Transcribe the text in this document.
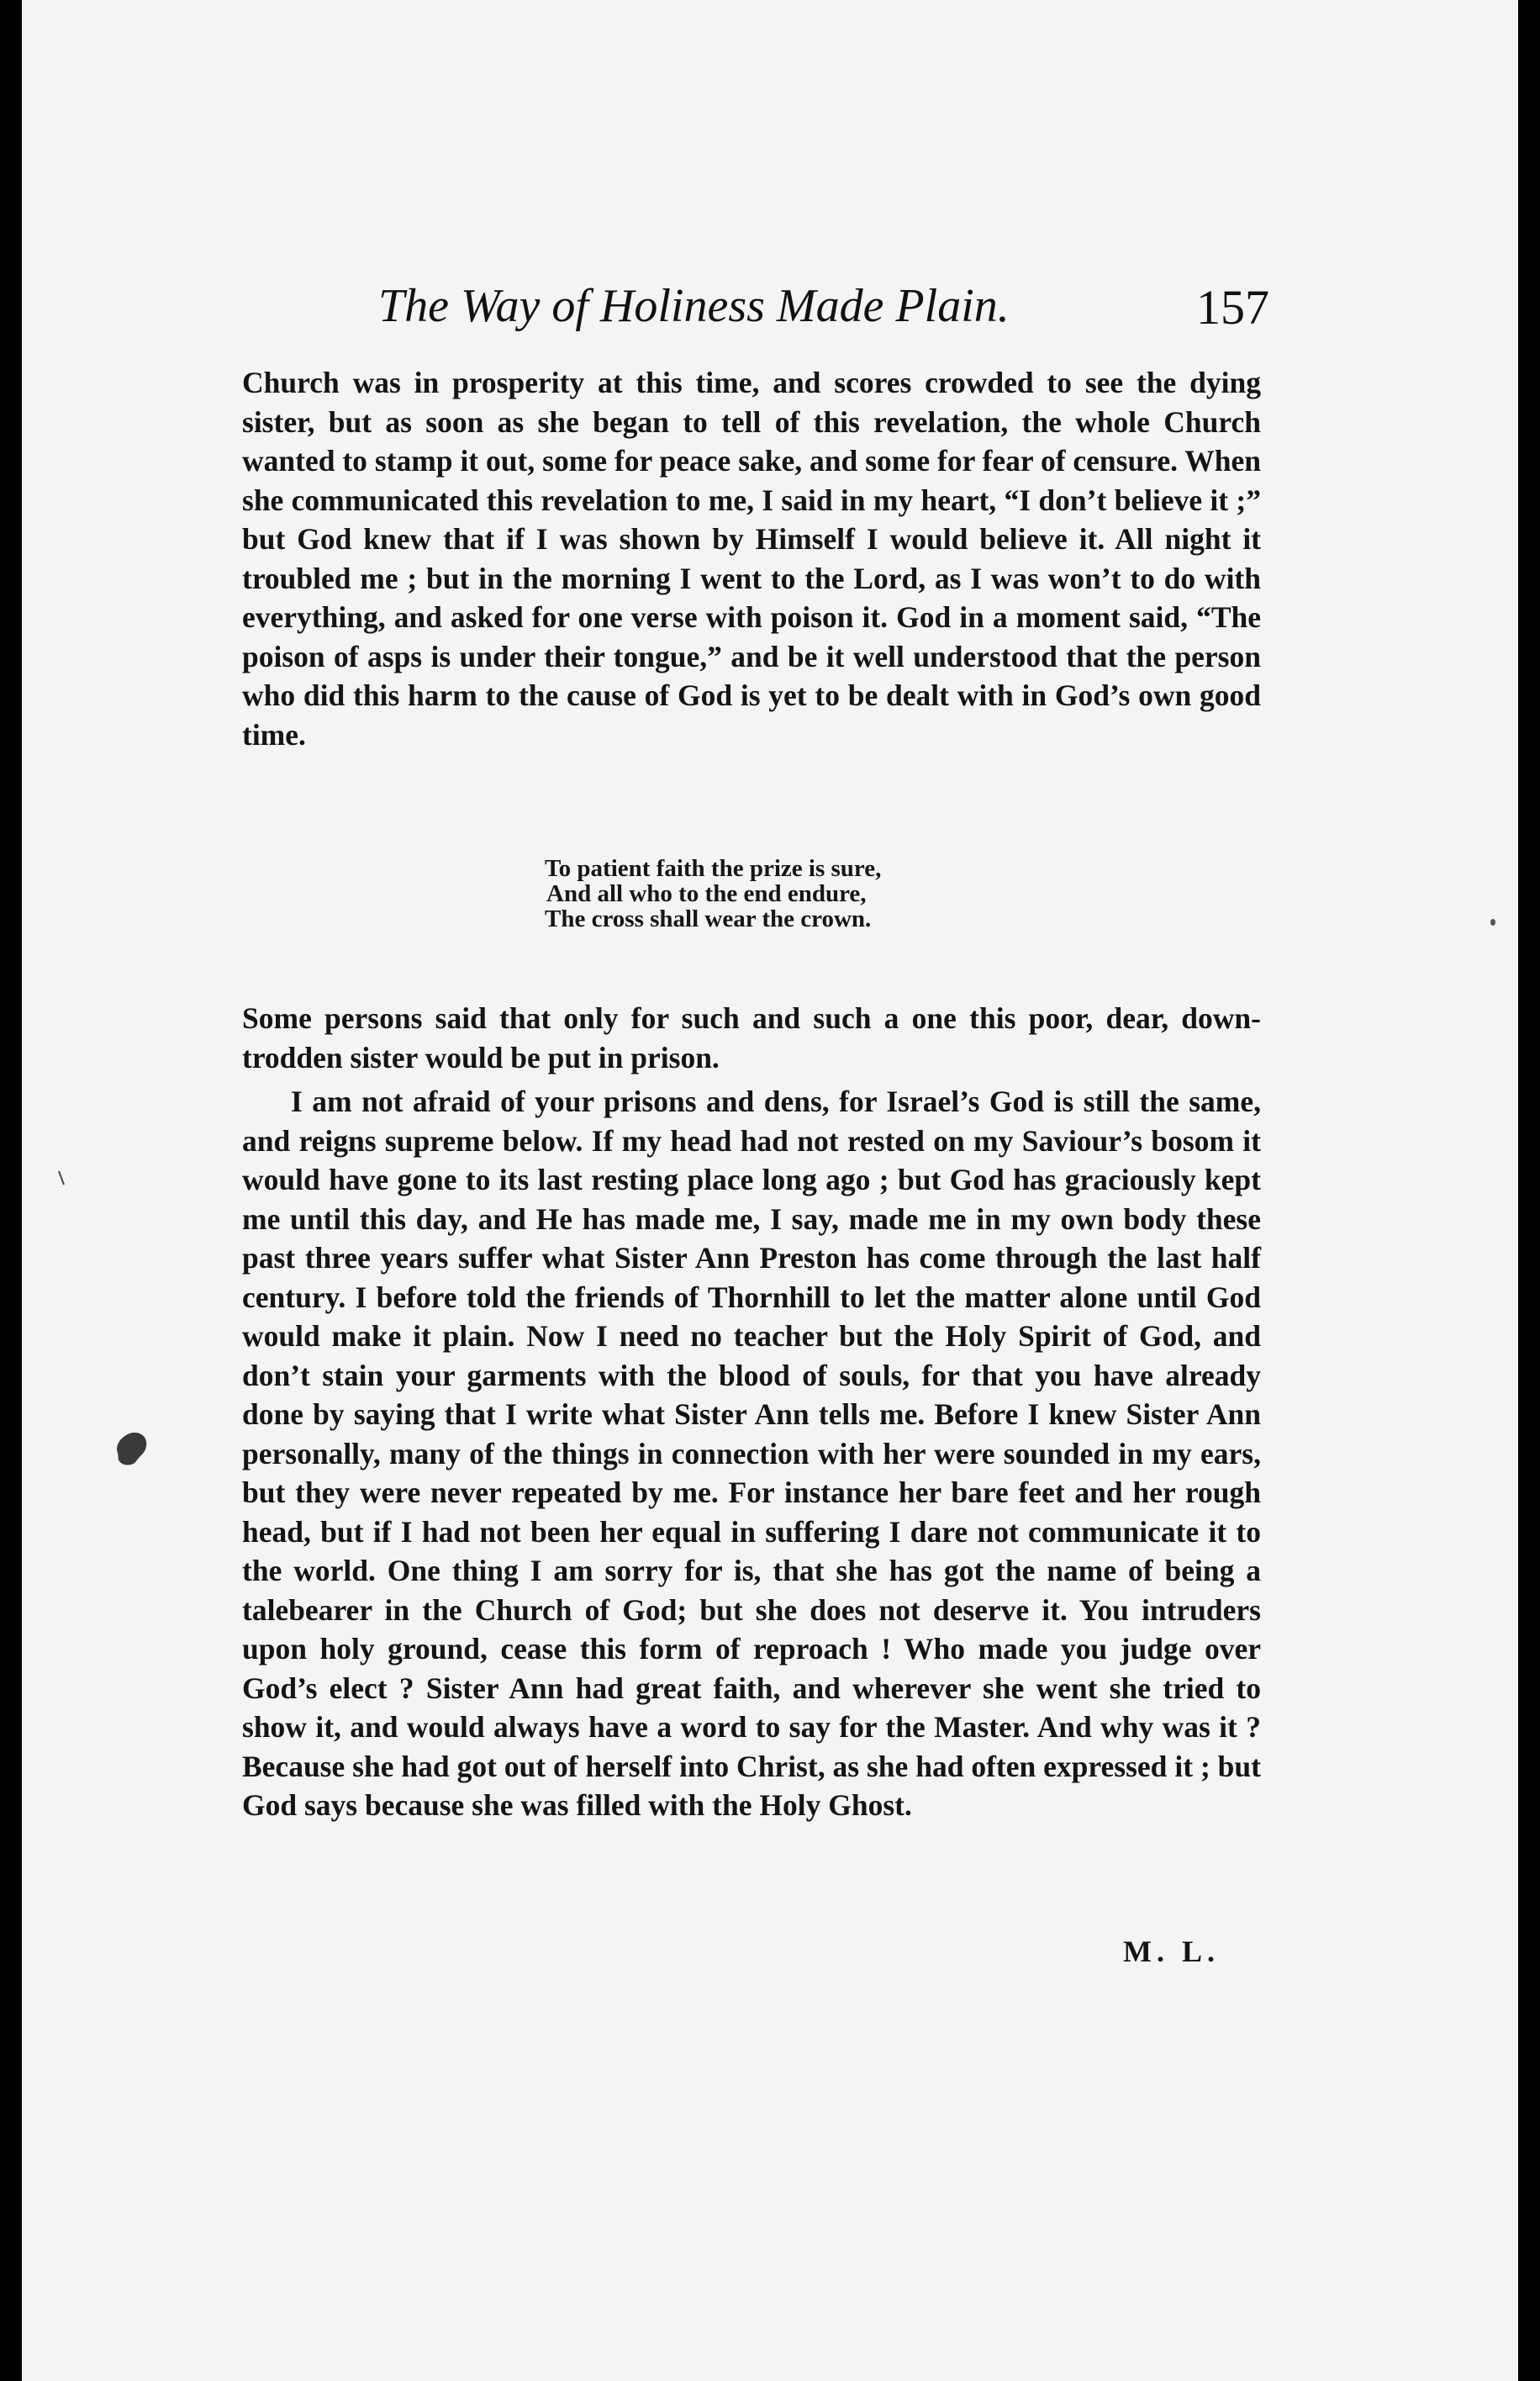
The Way of Holiness Made Plain.	157

Church was in prosperity at this time, and scores crowded to see the dying sister, but as soon as she began to tell of this revelation, the whole Church wanted to stamp it out, some for peace sake, and some for fear of censure. When she communicated this revelation to me, I said in my heart, “I don’t believe it ;” but God knew that if I was shown by Himself I would believe it. All night it troubled me ; but in the morning I went to the Lord, as I was won’t to do with everything, and asked for one verse with poison it. God in a moment said, “The poison of asps is under their tongue,” and be it well understood that the person who did this harm to the cause of God is yet to be dealt with in God’s own good time.

To patient faith the prize is sure,
And all who to the end endure,
The cross shall wear the crown.

Some persons said that only for such and such a one this poor, dear, down-trodden sister would be put in prison.

I am not afraid of your prisons and dens, for Israel’s God is still the same, and reigns supreme below. If my head had not rested on my Saviour’s bosom it would have gone to its last resting place long ago ; but God has graciously kept me until this day, and He has made me, I say, made me in my own body these past three years suffer what Sister Ann Preston has come through the last half century. I before told the friends of Thornhill to let the matter alone until God would make it plain. Now I need no teacher but the Holy Spirit of God, and don’t stain your garments with the blood of souls, for that you have already done by saying that I write what Sister Ann tells me. Before I knew Sister Ann personally, many of the things in connection with her were sounded in my ears, but they were never repeated by me. For instance her bare feet and her rough head, but if I had not been her equal in suffering I dare not communicate it to the world. One thing I am sorry for is, that she has got the name of being a talebearer in the Church of God; but she does not deserve it. You intruders upon holy ground, cease this form of reproach ! Who made you judge over God’s elect ? Sister Ann had great faith, and wherever she went she tried to show it, and would always have a word to say for the Master. And why was it ? Because she had got out of herself into Christ, as she had often expressed it ; but God says because she was filled with the Holy Ghost.

M. L.
